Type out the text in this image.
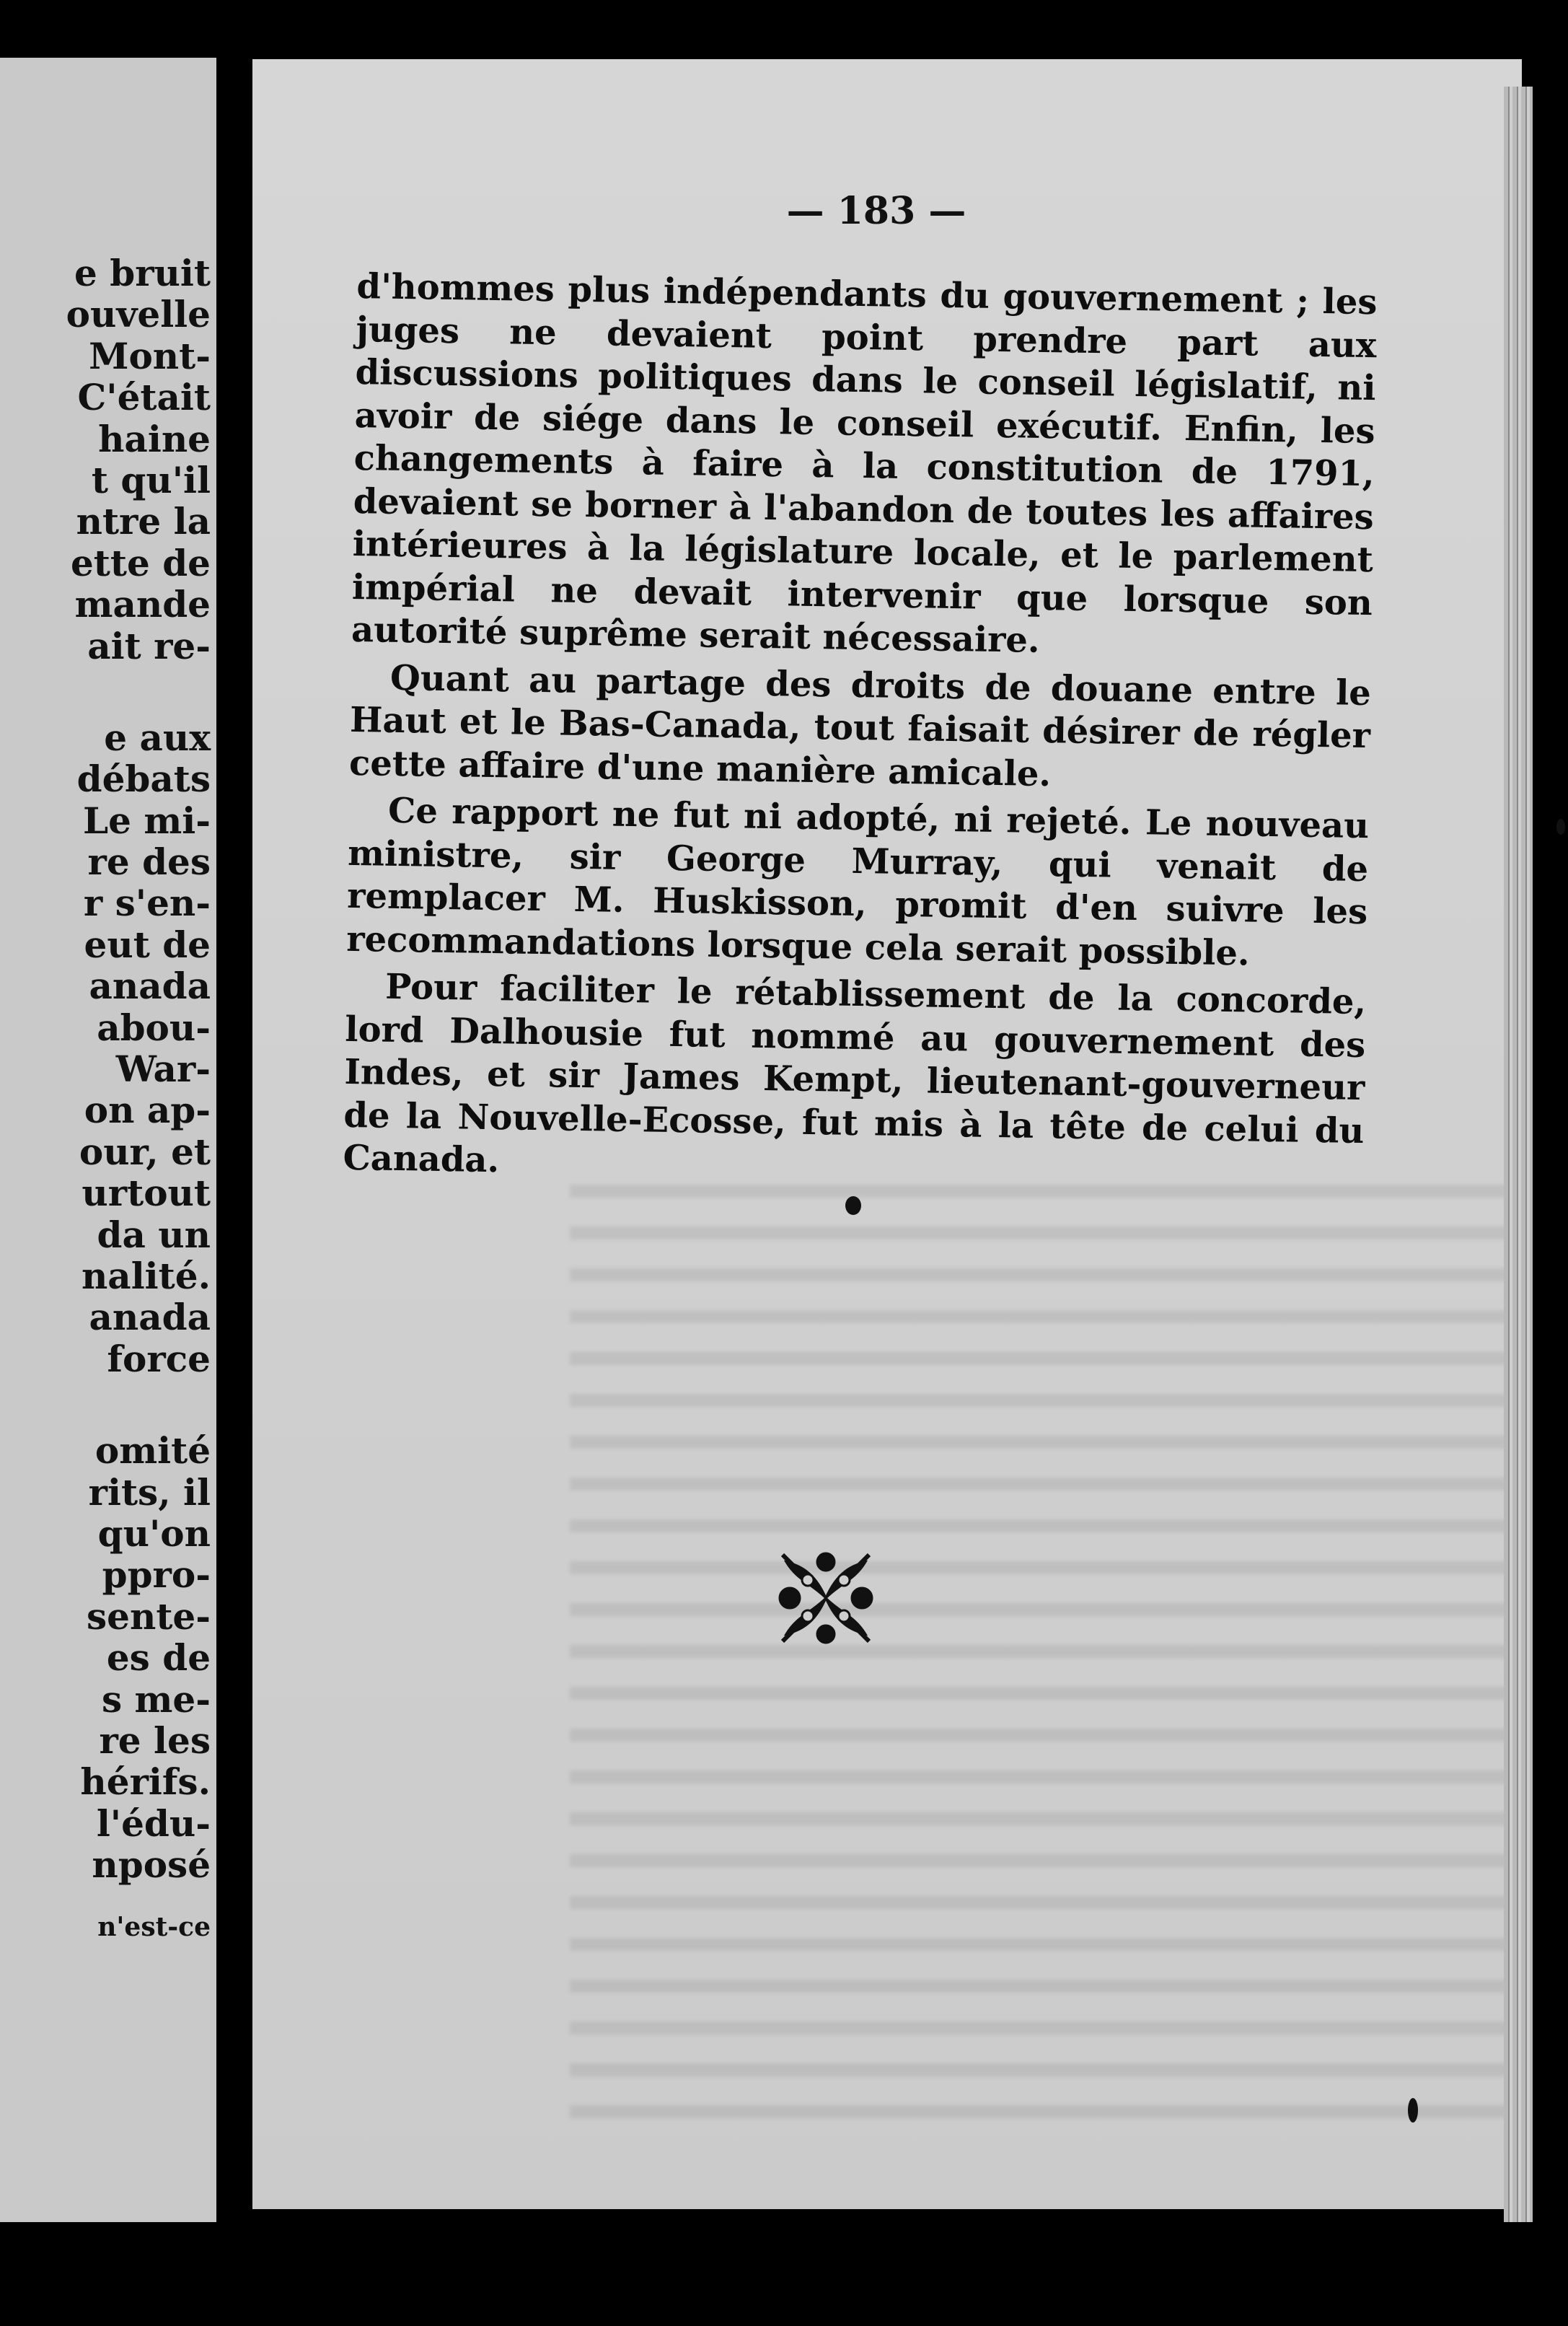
e bruit
ouvelle
Mont-
C'était
haine
t qu'il
ntre la
ette de
mande
ait re-
e aux
débats
Le mi-
re des
r s'en-
eut de
anada
abou-
War-
on ap-
our, et
urtout
da un
nalité.
anada
force
omité
rits, il
qu'on
ppro-
sente-
es de
s me-
re les
hérifs.
l'édu-
nposé
n'est-ce
— 183 —

d'hommes plus indépendants du gouvernement ; les juges ne devaient point prendre part aux discussions politiques dans le conseil législatif, ni avoir de siége dans le conseil exécutif. Enfin, les changements à faire à la constitution de 1791, devaient se borner à l'abandon de toutes les affaires intérieures à la législature locale, et le parlement impérial ne devait intervenir que lorsque son autorité suprême serait nécessaire.

Quant au partage des droits de douane entre le Haut et le Bas-Canada, tout faisait désirer de régler cette affaire d'une manière amicale.

Ce rapport ne fut ni adopté, ni rejeté. Le nouveau ministre, sir George Murray, qui venait de remplacer M. Huskisson, promit d'en suivre les recommandations lorsque cela serait possible.

Pour faciliter le rétablissement de la concorde, lord Dalhousie fut nommé au gouvernement des Indes, et sir James Kempt, lieutenant-gouverneur de la Nouvelle-Ecosse, fut mis à la tête de celui du Canada.
